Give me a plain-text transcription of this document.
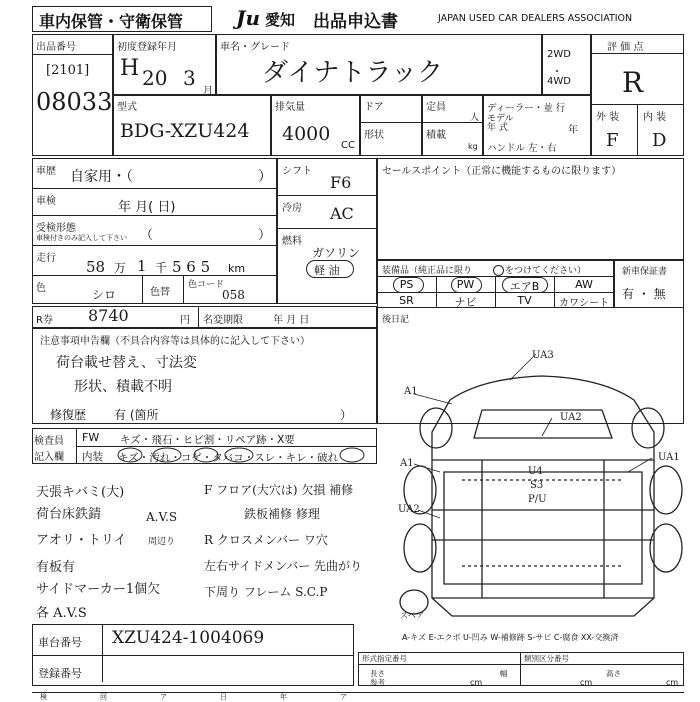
車内保管・守衛保管	Ju 愛知 出品申込書	JAPAN USED CAR DEALERS ASSOCIATION
出品番号
[2101]
08033
初度登録年月
H 20 3
月
車名・グレード
ダイナトラック
2WD
・
4WD
評 価 点
R
外 装 内 装
F D
型式
BDG-XZU424
排気量
4000
CC
ドア
形状
定員
人
積載
kg
ディーラー・並 行
モデル
年 式	年
ハンドル 左・右
車歴 自家用・（	）
車検	年 月( 日)
受検形態
車検付きのみ記入して下さい （	）
走行 58 万 1 千 5 6 5 km
色	シロ	色替
色コード
058
シフト
F6
冷房 AC
燃料
ガソリン
軽 油
セールスポイント（正常に機能するものに限ります）
装備品（純正品に限り ○ をつけてください）
PS	PW	エアB	AW
SR	ナビ	TV	カワシート
新車保証書
有 ・ 無
R券 8740	円 名変期限	年 月 日
注意事項申告欄（不具合内容等は具体的に記入して下さい）
荷台載せ替え、寸法変
形状、積載不明
修復歴 有 (箇所	）
後日記
検査員
記入欄
FW キズ・飛石・ヒビ割・リペア跡・X要
内装 キズ・汚れ・コゲ・タバコ・スレ・キレ・破れ
天張キバミ(大)
荷台床鉄錆	A.V.S
アオリ・トリイ 周辺り
有板有
サイドマーカー1個欠
各 A.V.S
F フロア(大穴は) 欠損 補修
鉄板補修 修理
R クロスメンバー ワ穴
左右サイドメンバー 先曲がり
下周り フレーム S.C.P
UA3
A1
UA2
A1
UA1
UA2
U4
S3
P/U
スペア
A-キズ E-エクボ U-凹み W-補修跡 S-サビ C-腐食 XX-交換済
車台番号 XZU424-1004069
登録番号
形式指定番号	類別区分番号
長さ
参考	cm
幅
cm
高さ
cm
検	回	ア	日	年	ア
